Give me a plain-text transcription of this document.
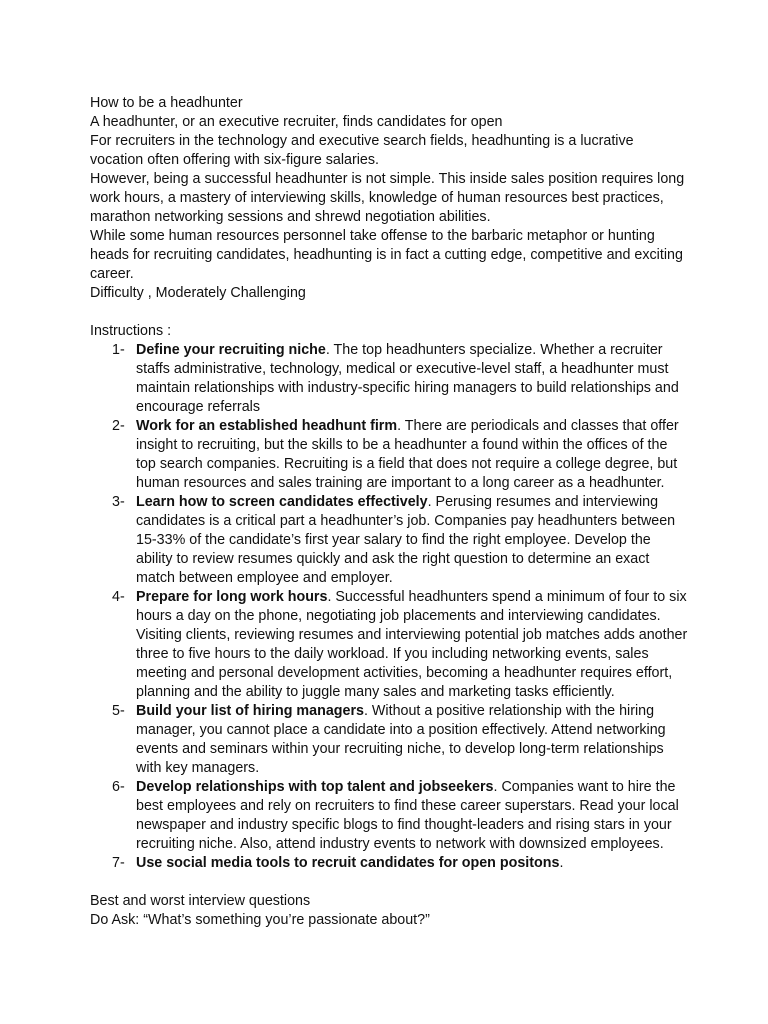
How to be a headhunter

A headhunter, or an executive recruiter, finds candidates for open

For recruiters in the technology and executive search fields, headhunting is a lucrative vocation often offering with six-figure salaries.

However, being a successful headhunter is not simple. This inside sales position requires long work hours, a mastery of interviewing skills, knowledge of human resources best practices, marathon networking sessions and shrewd negotiation abilities.

While some human resources personnel take offense to the barbaric metaphor or hunting heads for recruiting candidates, headhunting is in fact a cutting edge, competitive and exciting career.

Difficulty , Moderately Challenging

Instructions :

1- Define your recruiting niche. The top headhunters specialize. Whether a recruiter staffs administrative, technology, medical or executive-level staff, a headhunter must maintain relationships with industry-specific hiring managers to build relationships and encourage referrals
2- Work for an established headhunt firm. There are periodicals and classes that offer insight to recruiting, but the skills to be a headhunter a found within the offices of the top search companies. Recruiting is a field that does not require a college degree, but human resources and sales training are important to a long career as a headhunter.
3- Learn how to screen candidates effectively. Perusing resumes and interviewing candidates is a critical part a headhunter’s job. Companies pay headhunters between 15-33% of the candidate’s first year salary to find the right employee. Develop the ability to review resumes quickly and ask the right question to determine an exact match between employee and employer.
4- Prepare for long work hours. Successful headhunters spend a minimum of four to six hours a day on the phone, negotiating job placements and interviewing candidates. Visiting clients, reviewing resumes and interviewing potential job matches adds another three to five hours to the daily workload. If you including networking events, sales meeting and personal development activities, becoming a headhunter requires effort, planning and the ability to juggle many sales and marketing tasks efficiently.
5- Build your list of hiring managers. Without a positive relationship with the hiring manager, you cannot place a candidate into a position effectively. Attend networking events and seminars within your recruiting niche, to develop long-term relationships with key managers.
6- Develop relationships with top talent and jobseekers. Companies want to hire the best employees and rely on recruiters to find these career superstars. Read your local newspaper and industry specific blogs to find thought-leaders and rising stars in your recruiting niche. Also, attend industry events to network with downsized employees.
7- Use social media tools to recruit candidates for open positons.

Best and worst interview questions

Do Ask: “What’s something you’re passionate about?”
